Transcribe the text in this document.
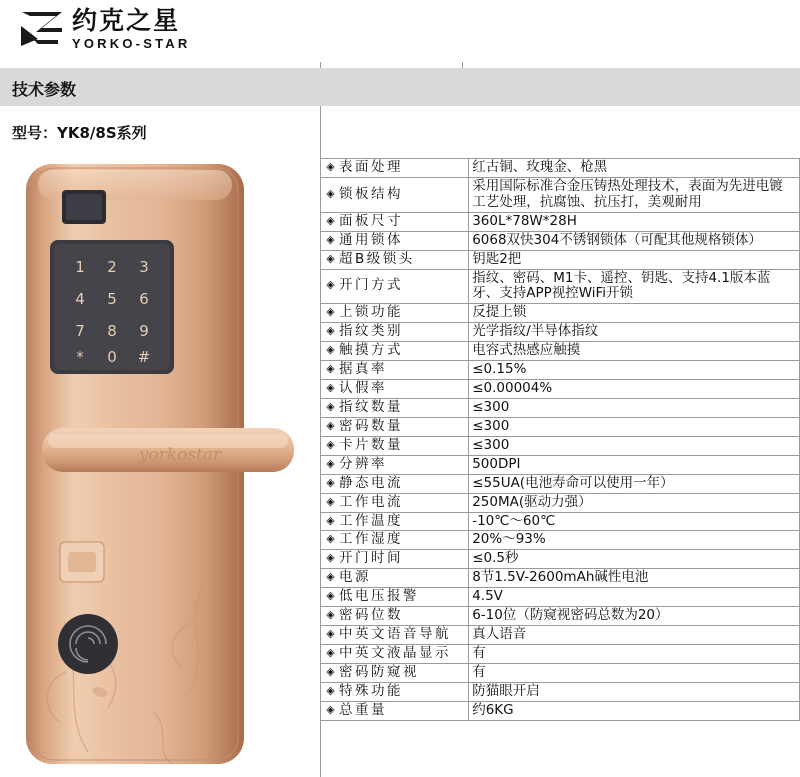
约克之星
YORKO-STAR
技术参数
型号：YK8/8S系列
1 2 3
4 5 6
7 8 9
* 0 #
yorkostar
◈ 表面处理	红古铜、玫瑰金、枪黑
◈ 锁板结构	采用国际标准合金压铸热处理技术，表面为先进电镀工艺处理，抗腐蚀、抗压打，美观耐用
◈ 面板尺寸	360L*78W*28H
◈ 通用锁体	6068双快304不锈钢锁体（可配其他规格锁体）
◈ 超B级锁头	钥匙2把
◈ 开门方式	指纹、密码、M1卡、遥控、钥匙、支持4.1版本蓝牙、支持APP视控WiFi开锁
◈ 上锁功能	反提上锁
◈ 指纹类别	光学指纹/半导体指纹
◈ 触摸方式	电容式热感应触摸
◈ 据真率	≤0.15%
◈ 认假率	≤0.00004%
◈ 指纹数量	≤300
◈ 密码数量	≤300
◈ 卡片数量	≤300
◈ 分辨率	500DPI
◈ 静态电流	≤55UA(电池寿命可以使用一年）
◈ 工作电流	250MA(驱动力强）
◈ 工作温度	-10℃～60℃
◈ 工作湿度	20%～93%
◈ 开门时间	≤0.5秒
◈ 电源	8节1.5V-2600mAh碱性电池
◈ 低电压报警	4.5V
◈ 密码位数	6-10位（防窥视密码总数为20）
◈ 中英文语音导航	真人语音
◈ 中英文液晶显示	有
◈ 密码防窥视	有
◈ 特殊功能	防猫眼开启
◈ 总重量	约6KG
